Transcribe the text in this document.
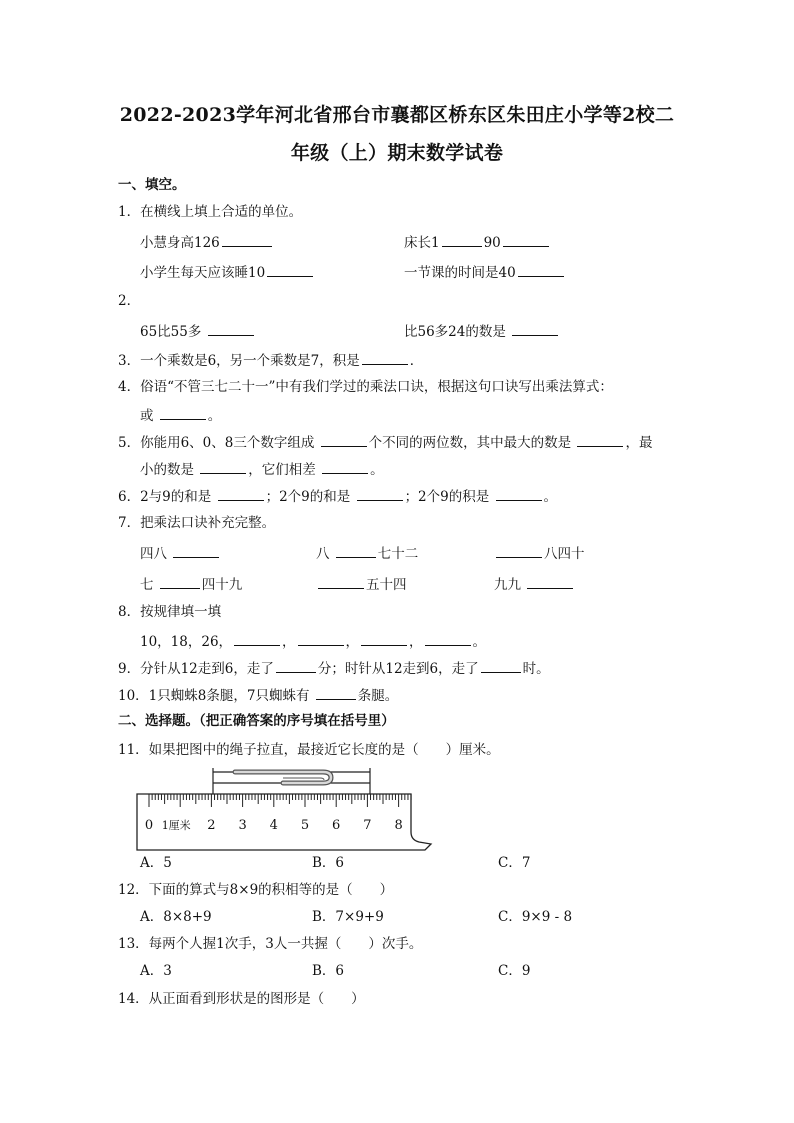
2022-2023学年河北省邢台市襄都区桥东区朱田庄小学等2校二
年级（上）期末数学试卷
一、填空。
1．在横线上填上合适的单位。
小慧身高126	床长1	90
小学生每天应该睡10	一节课的时间是40
2．
65比55多	比56多24的数是
3．一个乘数是6，另一个乘数是7，积是	．
4．俗语“不管三七二十一”中有我们学过的乘法口诀，根据这句口诀写出乘法算式：
或	。
5．你能用6、0、8三个数字组成	个不同的两位数，其中最大的数是	，最
小的数是	，它们相差	。
6．2与9的和是	；2个9的和是	；2个9的积是	。
7．把乘法口诀补充完整。
四八	八	七十二	八四十
七	四十九	五十四	九九
8．按规律填一填
10，18，26，	，	，	，	。
9．分针从12走到6，走了	分；时针从12走到6，走了	时。
10．1只蜘蛛8条腿，7只蜘蛛有	条腿。
二、选择题。（把正确答案的序号填在括号里）
11．如果把图中的绳子拉直，最接近它长度的是（　　）厘米。
0 1厘米 2 3 4 5 6 7 8
A．5	B．6	C．7
12．下面的算式与8×9的积相等的是（　　）
A．8×8+9	B．7×9+9	C．9×9 - 8
13．每两个人握1次手，3人一共握（　　）次手。
A．3	B．6	C．9
14．从正面看到形状是的图形是（　　）
